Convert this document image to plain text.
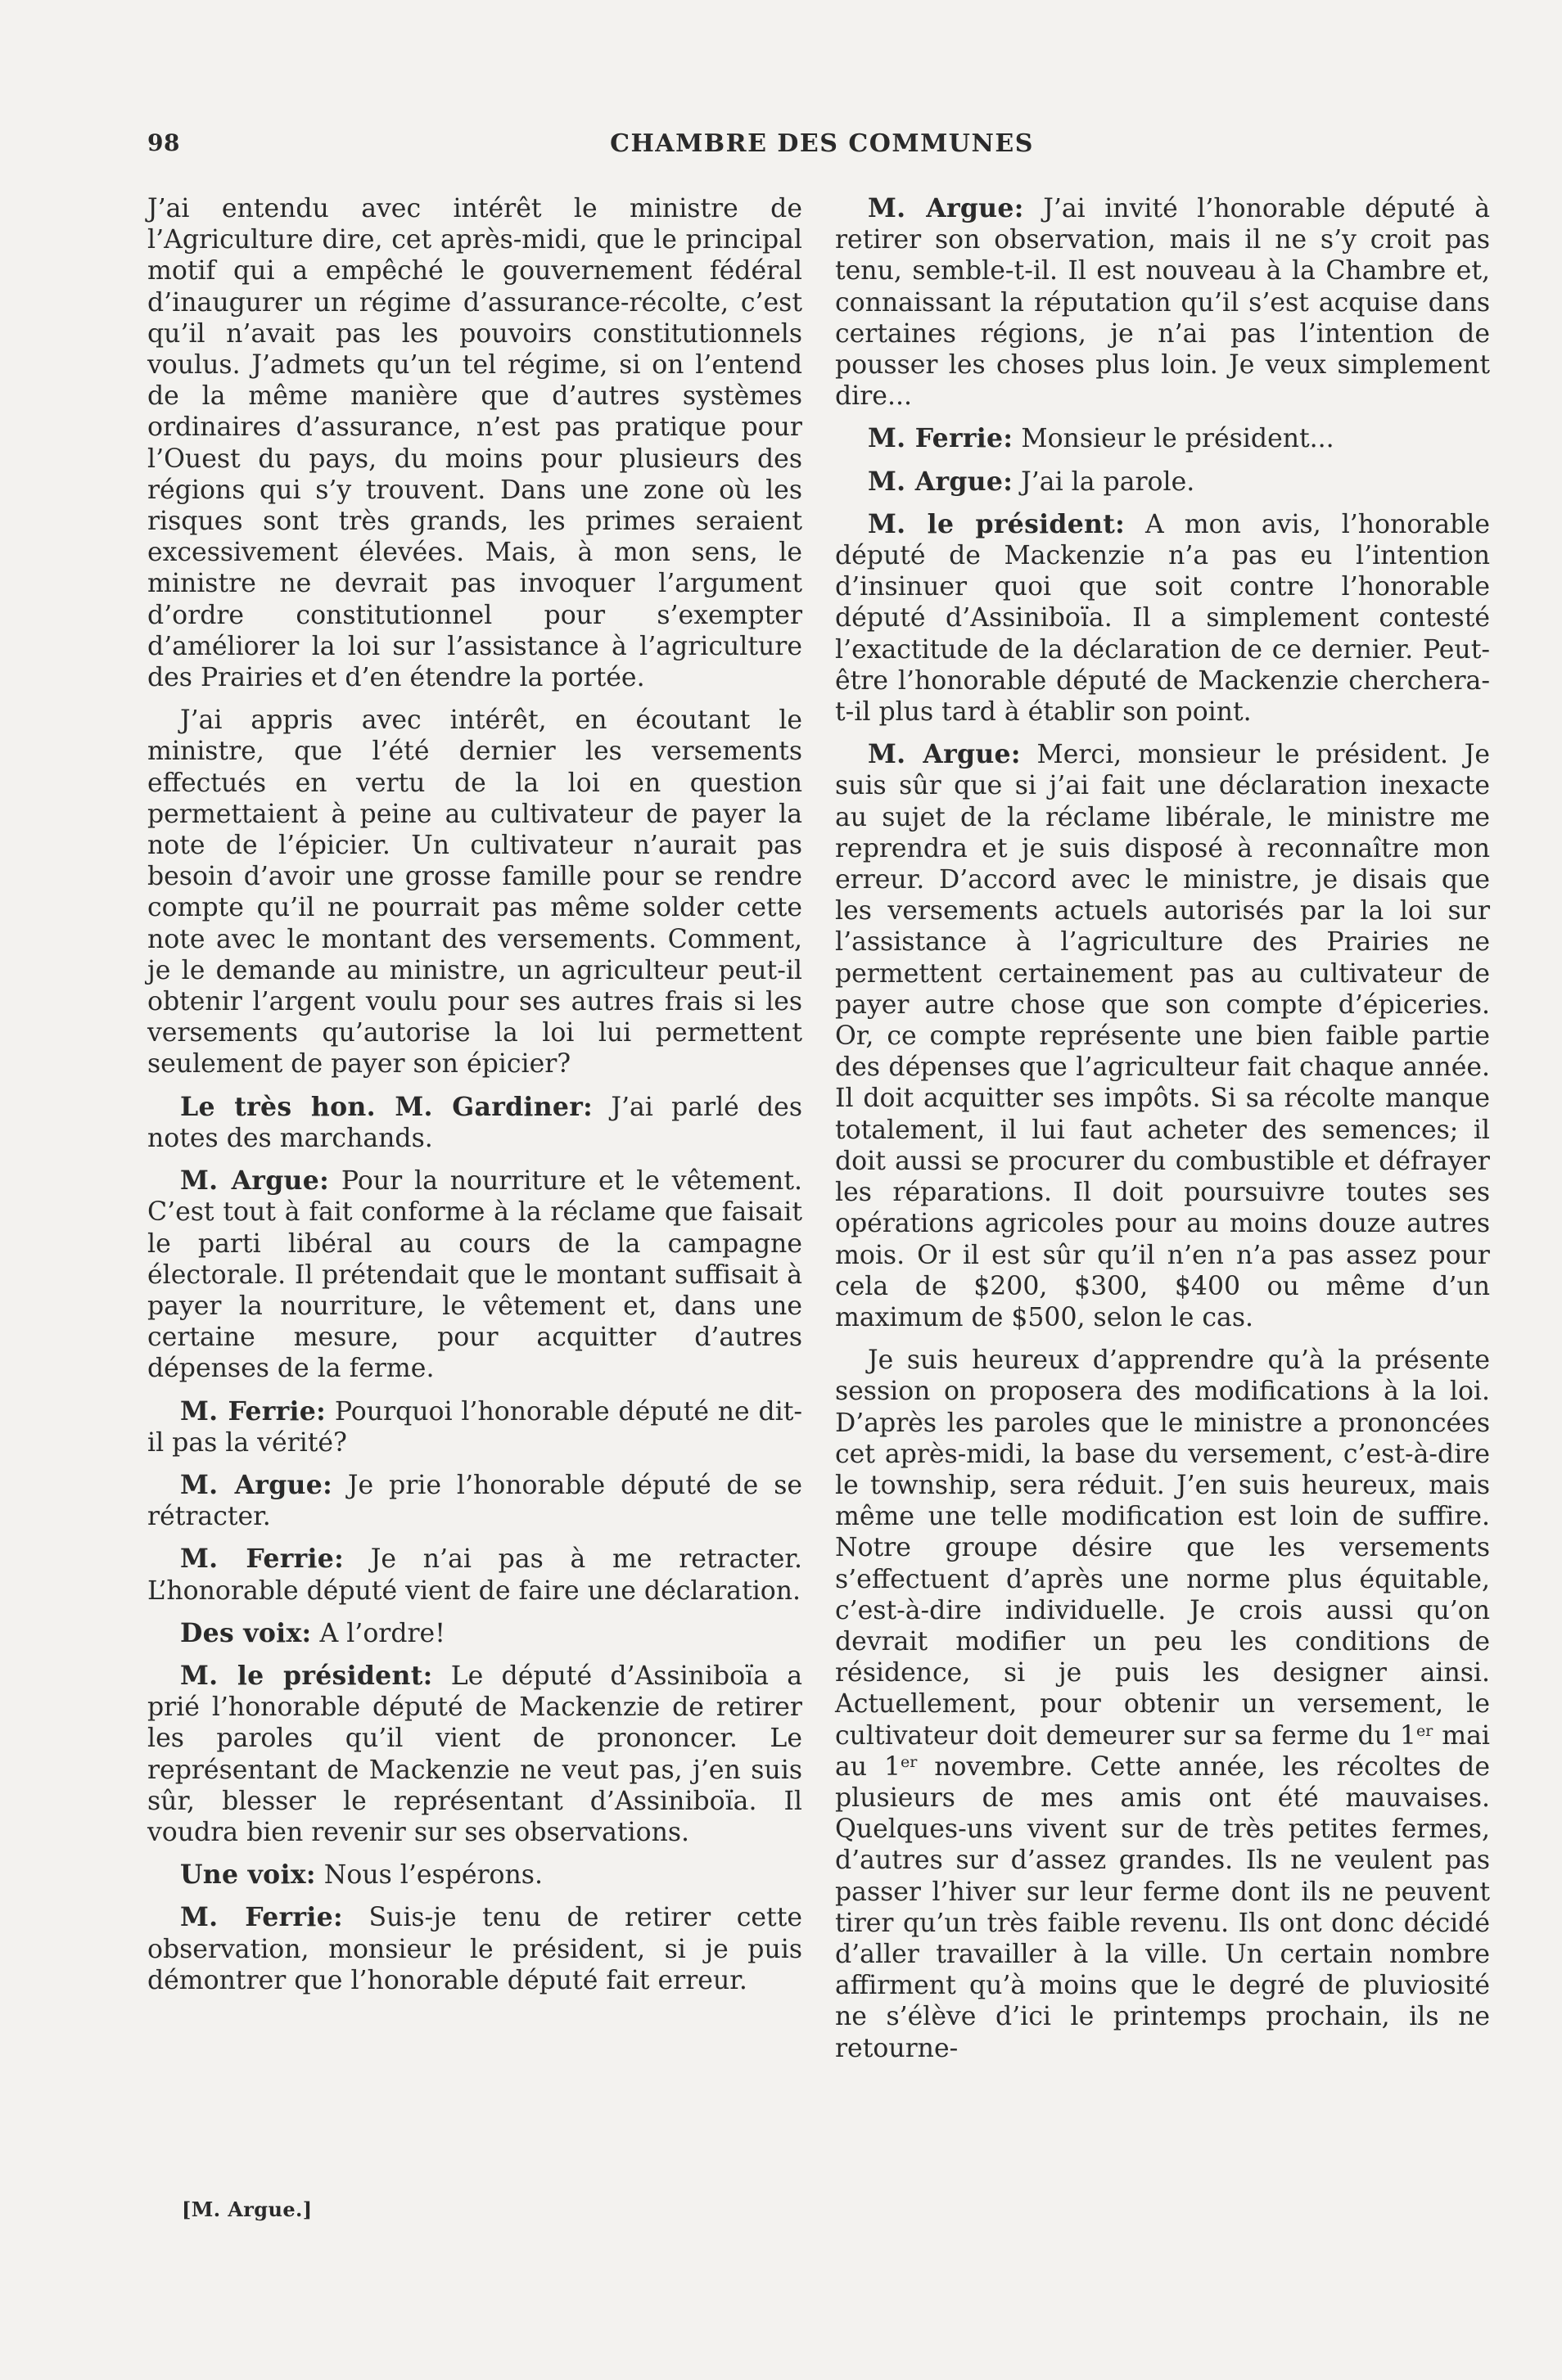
98	CHAMBRE DES COMMUNES

J’ai entendu avec intérêt le ministre de l’Agriculture dire, cet après-midi, que le principal motif qui a empêché le gouvernement fédéral d’inaugurer un régime d’assurance-récolte, c’est qu’il n’avait pas les pouvoirs constitutionnels voulus. J’admets qu’un tel régime, si on l’entend de la même manière que d’autres systèmes ordinaires d’assurance, n’est pas pratique pour l’Ouest du pays, du moins pour plusieurs des régions qui s’y trouvent. Dans une zone où les risques sont très grands, les primes seraient excessivement élevées. Mais, à mon sens, le ministre ne devrait pas invoquer l’argument d’ordre constitutionnel pour s’exempter d’améliorer la loi sur l’assistance à l’agriculture des Prairies et d’en étendre la portée.

J’ai appris avec intérêt, en écoutant le ministre, que l’été dernier les versements effectués en vertu de la loi en question permettaient à peine au cultivateur de payer la note de l’épicier. Un cultivateur n’aurait pas besoin d’avoir une grosse famille pour se rendre compte qu’il ne pourrait pas même solder cette note avec le montant des versements. Comment, je le demande au ministre, un agriculteur peut-il obtenir l’argent voulu pour ses autres frais si les versements qu’autorise la loi lui permettent seulement de payer son épicier?

Le très hon. M. Gardiner: J’ai parlé des notes des marchands.

M. Argue: Pour la nourriture et le vêtement. C’est tout à fait conforme à la réclame que faisait le parti libéral au cours de la campagne électorale. Il prétendait que le montant suffisait à payer la nourriture, le vêtement et, dans une certaine mesure, pour acquitter d’autres dépenses de la ferme.

M. Ferrie: Pourquoi l’honorable député ne dit-il pas la vérité?

M. Argue: Je prie l’honorable député de se rétracter.

M. Ferrie: Je n’ai pas à me retracter. L’honorable député vient de faire une déclaration.

Des voix: A l’ordre!

M. le président: Le député d’Assiniboïa a prié l’honorable député de Mackenzie de retirer les paroles qu’il vient de prononcer. Le représentant de Mackenzie ne veut pas, j’en suis sûr, blesser le représentant d’Assiniboïa. Il voudra bien revenir sur ses observations.

Une voix: Nous l’espérons.

M. Ferrie: Suis-je tenu de retirer cette observation, monsieur le président, si je puis démontrer que l’honorable député fait erreur.

M. Argue: J’ai invité l’honorable député à retirer son observation, mais il ne s’y croit pas tenu, semble-t-il. Il est nouveau à la Chambre et, connaissant la réputation qu’il s’est acquise dans certaines régions, je n’ai pas l’intention de pousser les choses plus loin. Je veux simplement dire...

M. Ferrie: Monsieur le président...

M. Argue: J’ai la parole.

M. le président: A mon avis, l’honorable député de Mackenzie n’a pas eu l’intention d’insinuer quoi que soit contre l’honorable député d’Assiniboïa. Il a simplement contesté l’exactitude de la déclaration de ce dernier. Peut-être l’honorable député de Mackenzie cherchera-t-il plus tard à établir son point.

M. Argue: Merci, monsieur le président. Je suis sûr que si j’ai fait une déclaration inexacte au sujet de la réclame libérale, le ministre me reprendra et je suis disposé à reconnaître mon erreur. D’accord avec le ministre, je disais que les versements actuels autorisés par la loi sur l’assistance à l’agriculture des Prairies ne permettent certainement pas au cultivateur de payer autre chose que son compte d’épiceries. Or, ce compte représente une bien faible partie des dépenses que l’agriculteur fait chaque année. Il doit acquitter ses impôts. Si sa récolte manque totalement, il lui faut acheter des semences; il doit aussi se procurer du combustible et défrayer les réparations. Il doit poursuivre toutes ses opérations agricoles pour au moins douze autres mois. Or il est sûr qu’il n’en n’a pas assez pour cela de $200, $300, $400 ou même d’un maximum de $500, selon le cas.

Je suis heureux d’apprendre qu’à la présente session on proposera des modifications à la loi. D’après les paroles que le ministre a prononcées cet après-midi, la base du versement, c’est-à-dire le township, sera réduit. J’en suis heureux, mais même une telle modification est loin de suffire. Notre groupe désire que les versements s’effectuent d’après une norme plus équitable, c’est-à-dire individuelle. Je crois aussi qu’on devrait modifier un peu les conditions de résidence, si je puis les designer ainsi. Actuellement, pour obtenir un versement, le cultivateur doit demeurer sur sa ferme du 1er mai au 1er novembre. Cette année, les récoltes de plusieurs de mes amis ont été mauvaises. Quelques-uns vivent sur de très petites fermes, d’autres sur d’assez grandes. Ils ne veulent pas passer l’hiver sur leur ferme dont ils ne peuvent tirer qu’un très faible revenu. Ils ont donc décidé d’aller travailler à la ville. Un certain nombre affirment qu’à moins que le degré de pluviosité ne s’élève d’ici le printemps prochain, ils ne retourne-

[M. Argue.]
